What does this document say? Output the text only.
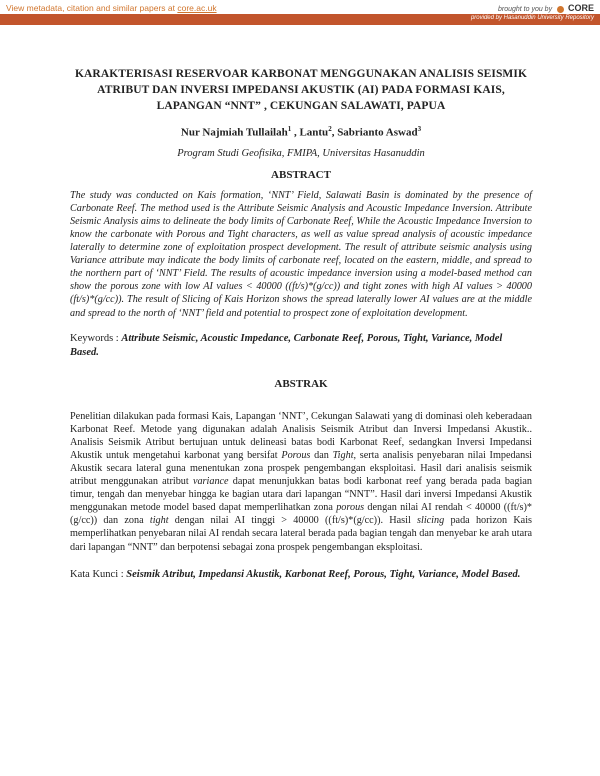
View metadata, citation and similar papers at core.ac.uk	brought to you by CORE
provided by Hasanuddin University Repository

KARAKTERISASI RESERVOAR KARBONAT MENGGUNAKAN ANALISIS SEISMIK ATRIBUT DAN INVERSI IMPEDANSI AKUSTIK (AI) PADA FORMASI KAIS, LAPANGAN “NNT” , CEKUNGAN SALAWATI, PAPUA

Nur Najmiah Tullailah$^1$ , Lantu$^2$, Sabrianto Aswad$^3$
Program Studi Geofisika, FMIPA, Universitas Hasanuddin
ABSTRACT
The study was conducted on Kais formation, ‘NNT’ Field, Salawati Basin is dominated by the presence of Carbonate Reef. The method used is the Attribute Seismic Analysis and Acoustic Impedance Inversion. Attribute Seismic Analysis aims to delineate the body limits of Carbonate Reef, While the Acoustic Impedance Inversion to know the carbonate with Porous and Tight characters, as well as value spread analysis of acoustic impedance laterally to determine zone of exploitation prospect development. The result of attribute seismic analysis using Variance attribute may indicate the body limits of carbonate reef, located on the eastern, middle, and spread to the northern part of ‘NNT’ Field. The results of acoustic impedance inversion using a model-based method can show the porous zone with low AI values < 40000 ((ft/s)*(g/cc)) and tight zones with high AI values > 40000 (ft/s)*(g/cc)). The result of Slicing of Kais Horizon shows the spread laterally lower AI values are at the middle and spread to the north of ‘NNT’ field and potential to prospect zone of exploitation development.
Keywords : Attribute Seismic, Acoustic Impedance, Carbonate Reef, Porous, Tight, Variance, Model Based.
ABSTRAK
Penelitian dilakukan pada formasi Kais, Lapangan ‘NNT’, Cekungan Salawati yang di dominasi oleh keberadaan Karbonat Reef. Metode yang digunakan adalah Analisis Seismik Atribut dan Inversi Impedansi Akustik.. Analisis Seismik Atribut bertujuan untuk delineasi batas bodi Karbonat Reef, sedangkan Inversi Impedansi Akustik untuk mengetahui karbonat yang bersifat Porous dan Tight, serta analisis penyebaran nilai Impedansi Akustik secara lateral guna menentukan zona prospek pengembangan eksploitasi. Hasil dari analisis seismik atribut menggunakan atribut variance dapat menunjukkan batas bodi karbonat reef yang berada pada bagian timur, tengah dan menyebar hingga ke bagian utara dari lapangan “NNT”. Hasil dari inversi Impedansi Akustik menggunakan metode model based dapat memperlihatkan zona porous dengan nilai AI rendah < 40000 ((ft/s)*(g/cc)) dan zona tight dengan nilai AI tinggi > 40000 ((ft/s)*(g/cc)). Hasil slicing pada horizon Kais memperlihatkan penyebaran nilai AI rendah secara lateral berada pada bagian tengah dan menyebar ke arah utara dari lapangan “NNT” dan berpotensi sebagai zona prospek pengembangan eksploitasi.
Kata Kunci : Seismik Atribut, Impedansi Akustik, Karbonat Reef, Porous, Tight, Variance, Model Based.
